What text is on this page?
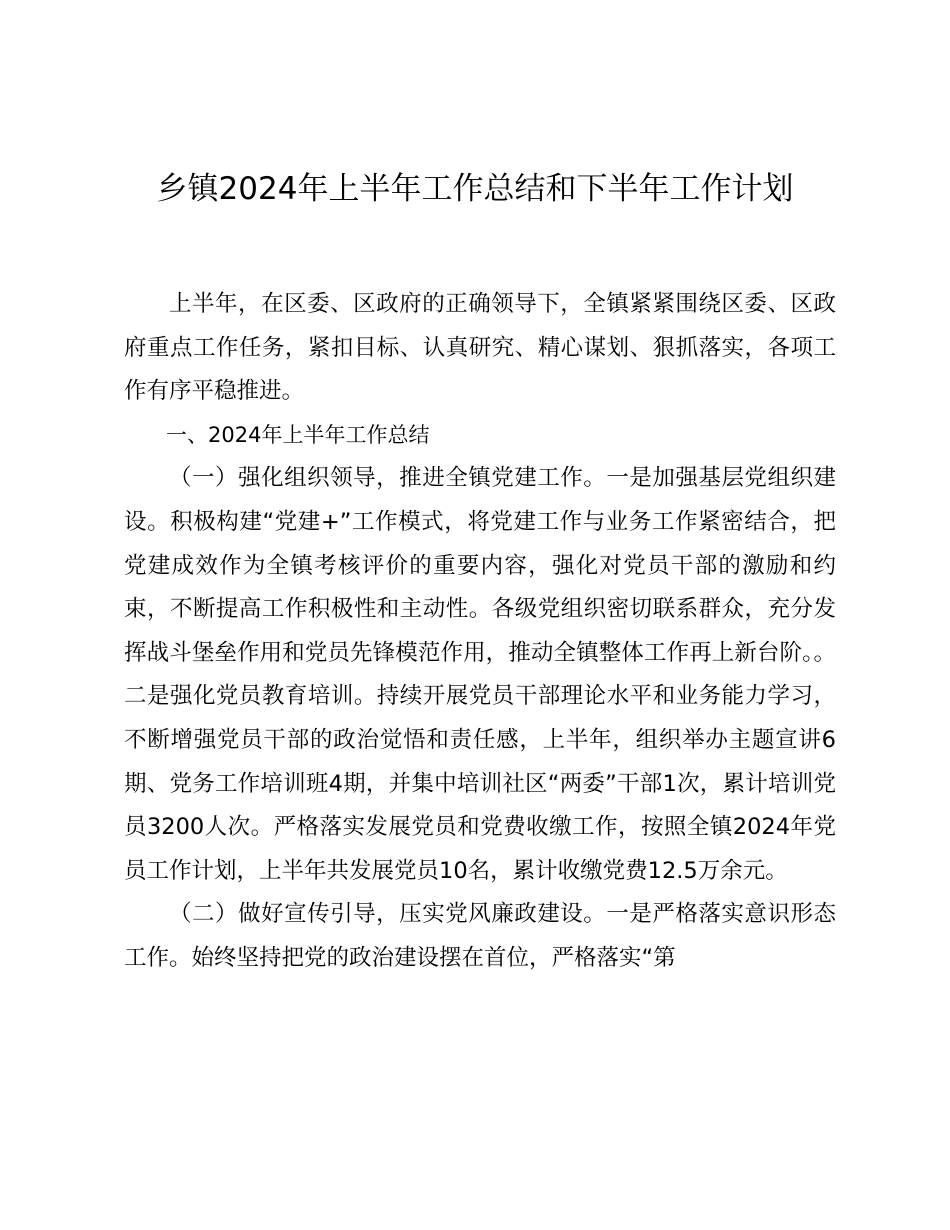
乡镇2024年上半年工作总结和下半年工作计划

上半年，在区委、区政府的正确领导下，全镇紧紧围绕区委、区政府重点工作任务，紧扣目标、认真研究、精心谋划、狠抓落实，各项工作有序平稳推进。

一、2024年上半年工作总结

（一）强化组织领导，推进全镇党建工作。一是加强基层党组织建设。积极构建“党建+”工作模式，将党建工作与业务工作紧密结合，把党建成效作为全镇考核评价的重要内容，强化对党员干部的激励和约束，不断提高工作积极性和主动性。各级党组织密切联系群众，充分发挥战斗堡垒作用和党员先锋模范作用，推动全镇整体工作再上新台阶。。二是强化党员教育培训。持续开展党员干部理论水平和业务能力学习，不断增强党员干部的政治觉悟和责任感，上半年，组织举办主题宣讲6期、党务工作培训班4期，并集中培训社区“两委”干部1次，累计培训党员3200人次。严格落实发展党员和党费收缴工作，按照全镇2024年党员工作计划，上半年共发展党员10名，累计收缴党费12.5万余元。

（二）做好宣传引导，压实党风廉政建设。一是严格落实意识形态工作。始终坚持把党的政治建设摆在首位，严格落实“第
